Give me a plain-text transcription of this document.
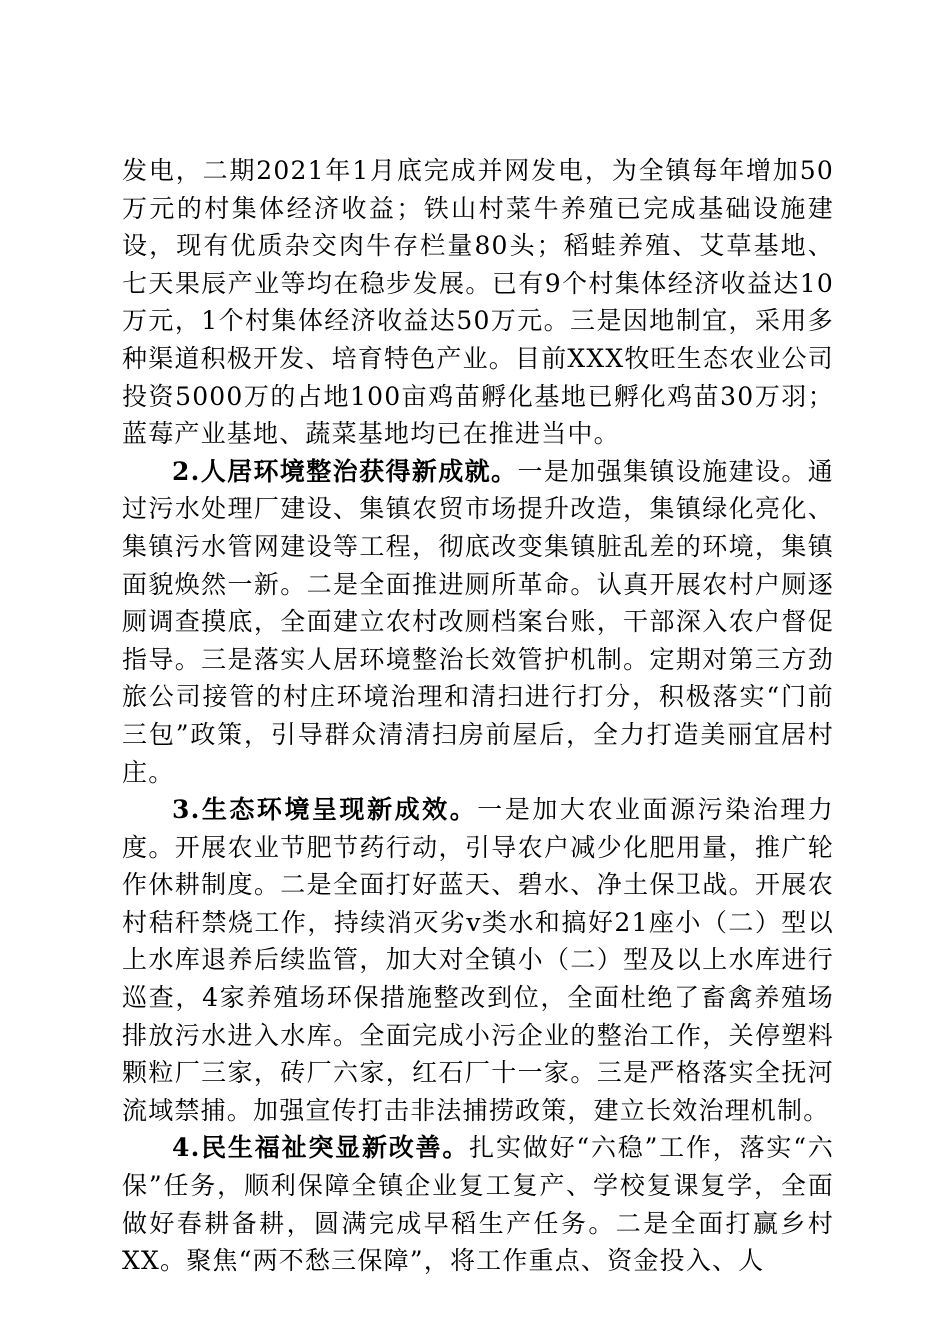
发电，二期2021年1月底完成并网发电，为全镇每年增加50万元的村集体经济收益；铁山村菜牛养殖已完成基础设施建设，现有优质杂交肉牛存栏量80头；稻蛙养殖、艾草基地、七天果辰产业等均在稳步发展。已有9个村集体经济收益达10万元，1个村集体经济收益达50万元。三是因地制宜，采用多种渠道积极开发、培育特色产业。目前XXX牧旺生态农业公司投资5000万的占地100亩鸡苗孵化基地已孵化鸡苗30万羽；蓝莓产业基地、蔬菜基地均已在推进当中。

2.人居环境整治获得新成就。一是加强集镇设施建设。通过污水处理厂建设、集镇农贸市场提升改造，集镇绿化亮化、集镇污水管网建设等工程，彻底改变集镇脏乱差的环境，集镇面貌焕然一新。二是全面推进厕所革命。认真开展农村户厕逐厕调查摸底，全面建立农村改厕档案台账，干部深入农户督促指导。三是落实人居环境整治长效管护机制。定期对第三方劲旅公司接管的村庄环境治理和清扫进行打分，积极落实“门前三包”政策，引导群众清清扫房前屋后，全力打造美丽宜居村庄。

3.生态环境呈现新成效。一是加大农业面源污染治理力度。开展农业节肥节药行动，引导农户减少化肥用量，推广轮作休耕制度。二是全面打好蓝天、碧水、净土保卫战。开展农村秸秆禁烧工作，持续消灭劣v类水和搞好21座小（二）型以上水库退养后续监管，加大对全镇小（二）型及以上水库进行巡查，4家养殖场环保措施整改到位，全面杜绝了畜禽养殖场排放污水进入水库。全面完成小污企业的整治工作，关停塑料颗粒厂三家，砖厂六家，红石厂十一家。三是严格落实全抚河流域禁捕。加强宣传打击非法捕捞政策，建立长效治理机制。

4.民生福祉突显新改善。扎实做好“六稳”工作，落实“六保”任务，顺利保障全镇企业复工复产、学校复课复学，全面做好春耕备耕，圆满完成早稻生产任务。二是全面打赢乡村XX。聚焦“两不愁三保障”，将工作重点、资金投入、人
